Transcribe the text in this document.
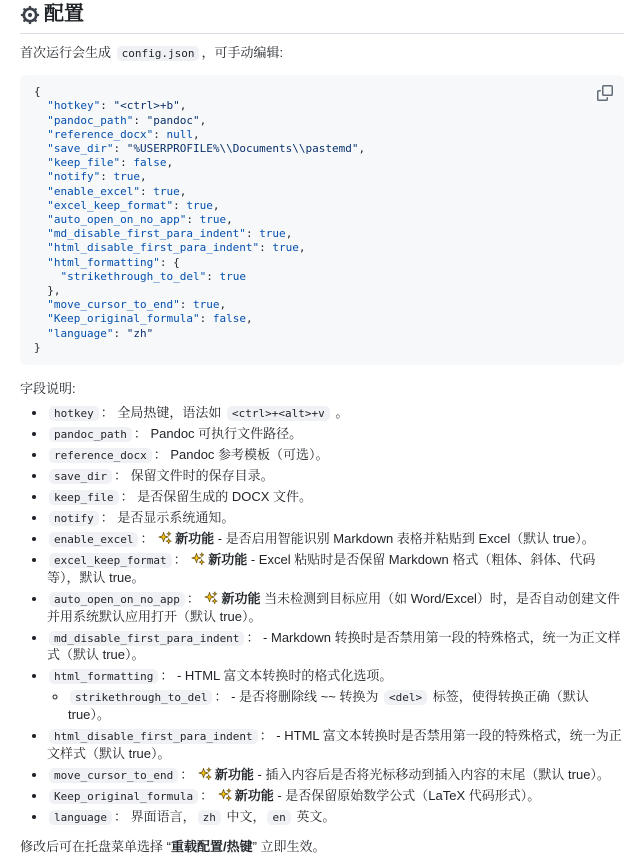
配置

首次运行会生成 config.json ，可手动编辑:

{
"hotkey": "<ctrl>+b",
"pandoc_path": "pandoc",
"reference_docx": null,
"save_dir": "%USERPROFILE%\\Documents\\pastemd",
"keep_file": false,
"notify": true,
"enable_excel": true,
"excel_keep_format": true,
"auto_open_on_no_app": true,
"md_disable_first_para_indent": true,
"html_disable_first_para_indent": true,
"html_formatting": {
"strikethrough_to_del": true
},
"move_cursor_to_end": true,
"Keep_original_formula": false,
"language": "zh"
}

字段说明:

• hotkey ： 全局热键，语法如 <ctrl>+<alt>+v 。
• pandoc_path ： Pandoc 可执行文件路径。
• reference_docx ： Pandoc 参考模板（可选）。
• save_dir ： 保留文件时的保存目录。
• keep_file ： 是否保留生成的 DOCX 文件。
• notify ： 是否显示系统通知。
• enable_excel ： 新功能 - 是否启用智能识别 Markdown 表格并粘贴到 Excel（默认 true）。
• excel_keep_format ： 新功能 - Excel 粘贴时是否保留 Markdown 格式（粗体、斜体、代码等），默认 true。
• auto_open_on_no_app ： 新功能 当未检测到目标应用（如 Word/Excel）时，是否自动创建文件并用系统默认应用打开（默认 true）。
• md_disable_first_para_indent ： - Markdown 转换时是否禁用第一段的特殊格式，统一为正文样式（默认 true）。
• html_formatting ： - HTML 富文本转换时的格式化选项。
◦ strikethrough_to_del ： - 是否将删除线 ~~ 转换为 <del> 标签，使得转换正确（默认 true）。
• html_disable_first_para_indent ： - HTML 富文本转换时是否禁用第一段的特殊格式，统一为正文样式（默认 true）。
• move_cursor_to_end ： 新功能 - 插入内容后是否将光标移动到插入内容的末尾（默认 true）。
• Keep_original_formula ： 新功能 - 是否保留原始数学公式（LaTeX 代码形式）。
• language ： 界面语言， zh 中文， en 英文。

修改后可在托盘菜单选择 “重载配置/热键” 立即生效。
